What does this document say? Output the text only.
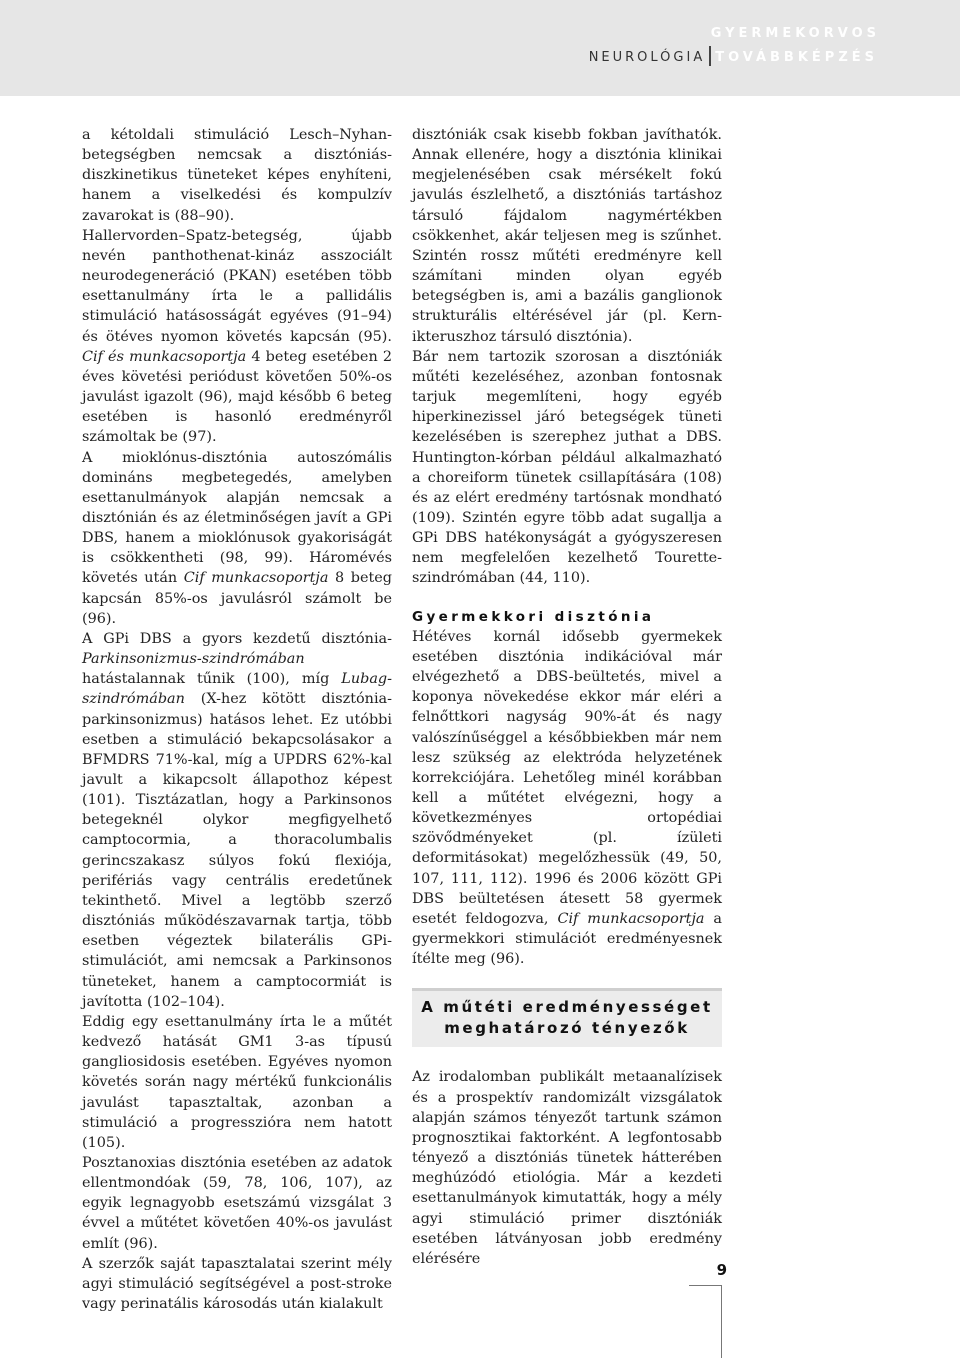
GYERMEKORVOS
NEUROLÓGIA TOVÁBBKÉPZÉS

a kétoldali stimuláció Lesch–Nyhan-betegségben nemcsak a disztóniás-diszkinetikus tüneteket képes enyhíteni, hanem a viselkedési és kompulzív zavarokat is (88–90).

Hallervorden–Spatz-betegség, újabb nevén panthothenat-kináz asszociált neurodegeneráció (PKAN) esetében több esettanulmány írta le a pallidális stimuláció hatásosságát egyéves (91–94) és ötéves nyomon követés kapcsán (95). Cif és munkacsoportja 4 beteg esetében 2 éves követési periódust követően 50%-os javulást igazolt (96), majd később 6 beteg esetében is hasonló eredményről számoltak be (97).

A mioklónus-disztónia autoszómális domináns megbetegedés, amelyben esettanulmányok alapján nemcsak a disztónián és az életminőségen javít a GPi DBS, hanem a mioklónusok gyakoriságát is csökkentheti (98, 99). Háromévés követés után Cif munkacsoportja 8 beteg kapcsán 85%-os javulásról számolt be (96).

A GPi DBS a gyors kezdetű disztónia-Parkinsonizmus-szindrómában hatástalannak tűnik (100), míg Lubag-szindrómában (X-hez kötött disztónia-parkinsonizmus) hatásos lehet. Ez utóbbi esetben a stimuláció bekapcsolásakor a BFMDRS 71%-kal, míg a UPDRS 62%-kal javult a kikapcsolt állapothoz képest (101). Tisztázatlan, hogy a Parkinsonos betegeknél olykor megfigyelhető camptocormia, a thoracolumbalis gerincszakasz súlyos fokú flexiója, perifériás vagy centrális eredetűnek tekinthető. Mivel a legtöbb szerző disztóniás működészavarnak tartja, több esetben végeztek bilaterális GPi-stimulációt, ami nemcsak a Parkinsonos tüneteket, hanem a camptocormiát is javította (102–104).

Eddig egy esettanulmány írta le a műtét kedvező hatását GM1 3-as típusú gangliosidosis esetében. Egyéves nyomon követés során nagy mértékű funkcionális javulást tapasztaltak, azonban a stimuláció a progresszióra nem hatott (105).

Posztanoxias disztónia esetében az adatok ellentmondóak (59, 78, 106, 107), az egyik legnagyobb esetszámú vizsgálat 3 évvel a műtétet követően 40%-os javulást említ (96).

A szerzők saját tapasztalatai szerint mély agyi stimuláció segítségével a post-stroke vagy perinatális károsodás után kialakult

disztóniák csak kisebb fokban javíthatók. Annak ellenére, hogy a disztónia klinikai megjelenésében csak mérsékelt fokú javulás észlelhető, a disztóniás tartáshoz társuló fájdalom nagymértékben csökkenhet, akár teljesen meg is szűnhet. Szintén rossz műtéti eredményre kell számítani minden olyan egyéb betegségben is, ami a bazális ganglionok strukturális eltérésével jár (pl. Kern-ikteruszhoz társuló disztónia).

Bár nem tartozik szorosan a disztóniák műtéti kezeléséhez, azonban fontosnak tarjuk megemlíteni, hogy egyéb hiperkinezissel járó betegségek tüneti kezelésében is szerephez juthat a DBS. Huntington-kórban például alkalmazható a choreiform tünetek csillapítására (108) és az elért eredmény tartósnak mondható (109). Szintén egyre több adat sugallja a GPi DBS hatékonyságát a gyógyszeresen nem megfelelően kezelhető Tourette-szindrómában (44, 110).

Gyermekkori disztónia

Hétéves kornál idősebb gyermekek esetében disztónia indikációval már elvégezhető a DBS-beültetés, mivel a koponya növekedése ekkor már eléri a felnőttkori nagyság 90%-át és nagy valószínűséggel a későbbiekben már nem lesz szükség az elektróda helyzetének korrekciójára. Lehetőleg minél korábban kell a műtétet elvégezni, hogy a következményes ortopédiai szövődményeket (pl. ízületi deformitásokat) megelőzhessük (49, 50, 107, 111, 112). 1996 és 2006 között GPi DBS beültetésen átesett 58 gyermek esetét feldogozva, Cif munkacsoportja a gyermekkori stimulációt eredményesnek ítélte meg (96).

A műtéti eredményességet
meghatározó tényezők

Az irodalomban publikált metaanalízisek és a prospektív randomizált vizsgálatok alapján számos tényezőt tartunk számon prognosztikai faktorként. A legfontosabb tényező a disztóniás tünetek hátterében meghúzódó etiológia. Már a kezdeti esettanulmányok kimutatták, hogy a mély agyi stimuláció primer disztóniák esetében látványosan jobb eredmény elérésére

9
